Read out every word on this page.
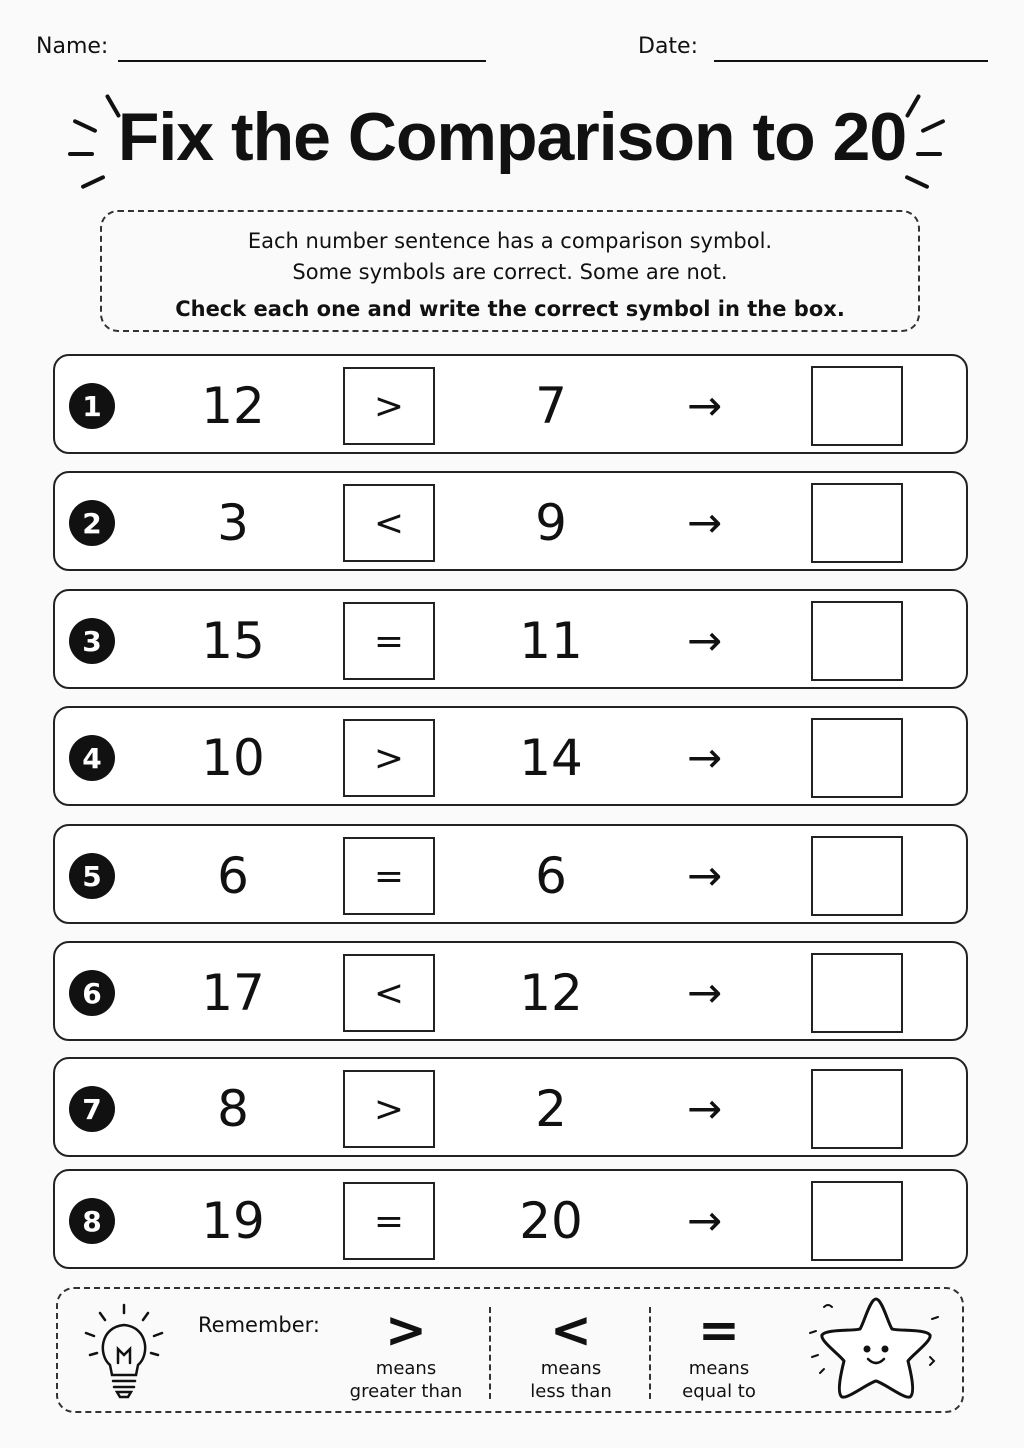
Name:	Date:
Fix the Comparison to 20
Each number sentence has a comparison symbol.
Some symbols are correct. Some are not.
Check each one and write the correct symbol in the box.
1	12	>	7	→
2	3	<	9	→
3	15	=	11	→
4	10	>	14	→
5	6	=	6	→
6	17	<	12	→
7	8	>	2	→
8	19	=	20	→
Remember:	>
means
greater than
<
means
less than
=
means
equal to
